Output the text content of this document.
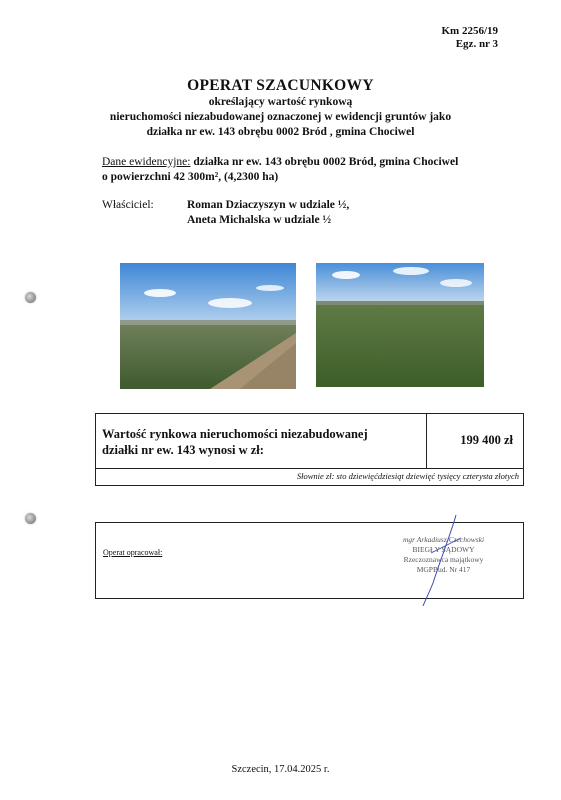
Km 2256/19
Egz. nr 3
OPERAT SZACUNKOWY
określający wartość rynkową
nieruchomości niezabudowanej oznaczonej w ewidencji gruntów jako
działka nr ew. 143 obrębu 0002 Bród , gmina Chociwel
Dane ewidencyjne: działka nr ew. 143 obrębu 0002 Bród, gmina Chociwel
o powierzchni 42 300m², (4,2300 ha)
Właściciel:	Roman Dziaczyszyn w udziale ½,
Aneta Michalska w udziale ½
Wartość rynkowa nieruchomości niezabudowanej
działki nr ew. 143 wynosi w zł:
199 400 zł
Słownie zł: sto dziewięćdziesiąt dziewięć tysięcy czterysta złotych
Operat opracował:
mgr Arkadiusz Czechowski
BIEGŁY SĄDOWY
Rzeczoznawca majątkowy
MGPBud. Nr 417
Szczecin, 17.04.2025 r.
